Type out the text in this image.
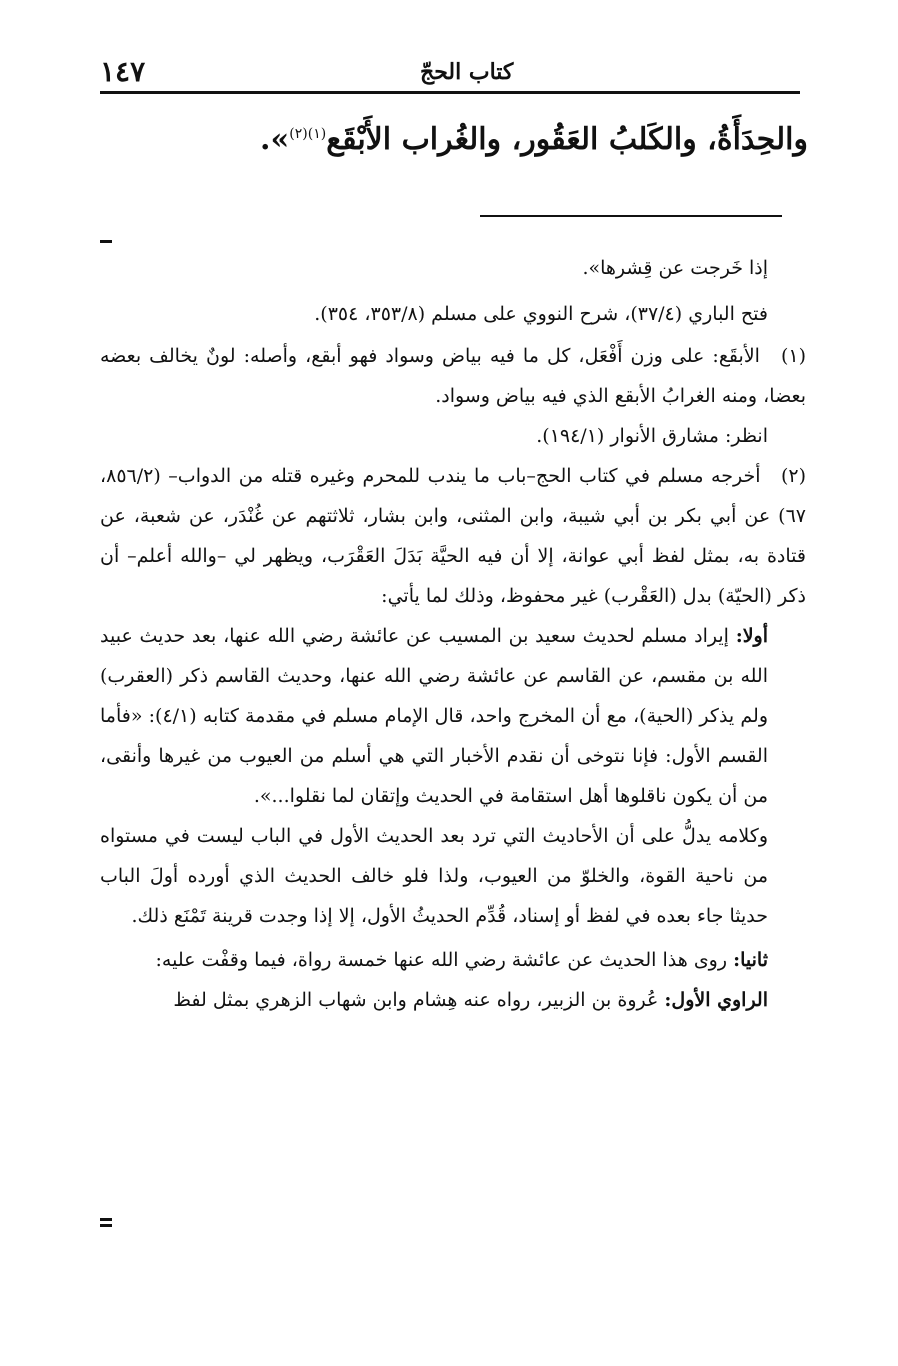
١٤٧	كتاب الحجّ
والحِدَأَةُ، والكَلبُ العَقُور، والغُراب الأَبْقَع$^{(١)(٢)}$».

إذا خَرجت عن قِشرها».

فتح الباري (٣٧/٤)، شرح النووي على مسلم (٣٥٣/٨، ٣٥٤).

(١) الأبقَع: على وزن أَفْعَل، كل ما فيه بياض وسواد فهو أبقع، وأصله: لونٌ يخالف بعضه بعضا، ومنه الغرابُ الأبقع الذي فيه بياض وسواد.

انظر: مشارق الأنوار (١٩٤/١).

(٢) أخرجه مسلم في كتاب الحج–باب ما يندب للمحرم وغيره قتله من الدواب– (٨٥٦/٢، ٦٧) عن أبي بكر بن أبي شيبة، وابن المثنى، وابن بشار، ثلاثتهم عن غُنْدَر، عن شعبة، عن قتادة به، بمثل لفظ أبي عوانة، إلا أن فيه الحيَّة بَدَلَ العَقْرَب، ويظهر لي –والله أعلم– أن ذكر (الحيّة) بدل (العَقْرب) غير محفوظ، وذلك لما يأتي:

أولا: إيراد مسلم لحديث سعيد بن المسيب عن عائشة رضي الله عنها، بعد حديث عبيد الله بن مقسم، عن القاسم عن عائشة رضي الله عنها، وحديث القاسم ذكر (العقرب) ولم يذكر (الحية)، مع أن المخرج واحد، قال الإمام مسلم في مقدمة كتابه (٤/١): «فأما القسم الأول: فإنا نتوخى أن نقدم الأخبار التي هي أسلم من العيوب من غيرها وأنقى، من أن يكون ناقلوها أهل استقامة في الحديث وإتقان لما نقلوا...».

وكلامه يدلُّ على أن الأحاديث التي ترد بعد الحديث الأول في الباب ليست في مستواه من ناحية القوة، والخلوّ من العيوب، ولذا فلو خالف الحديث الذي أورده أولَ الباب حديثا جاء بعده في لفظ أو إسناد، قُدِّم الحديثُ الأول، إلا إذا وجدت قرينة تَمْنَع ذلك.

ثانيا: روى هذا الحديث عن عائشة رضي الله عنها خمسة رواة، فيما وقفْت عليه:

الراوي الأول: عُروة بن الزبير، رواه عنه هِشام وابن شهاب الزهري بمثل لفظ
